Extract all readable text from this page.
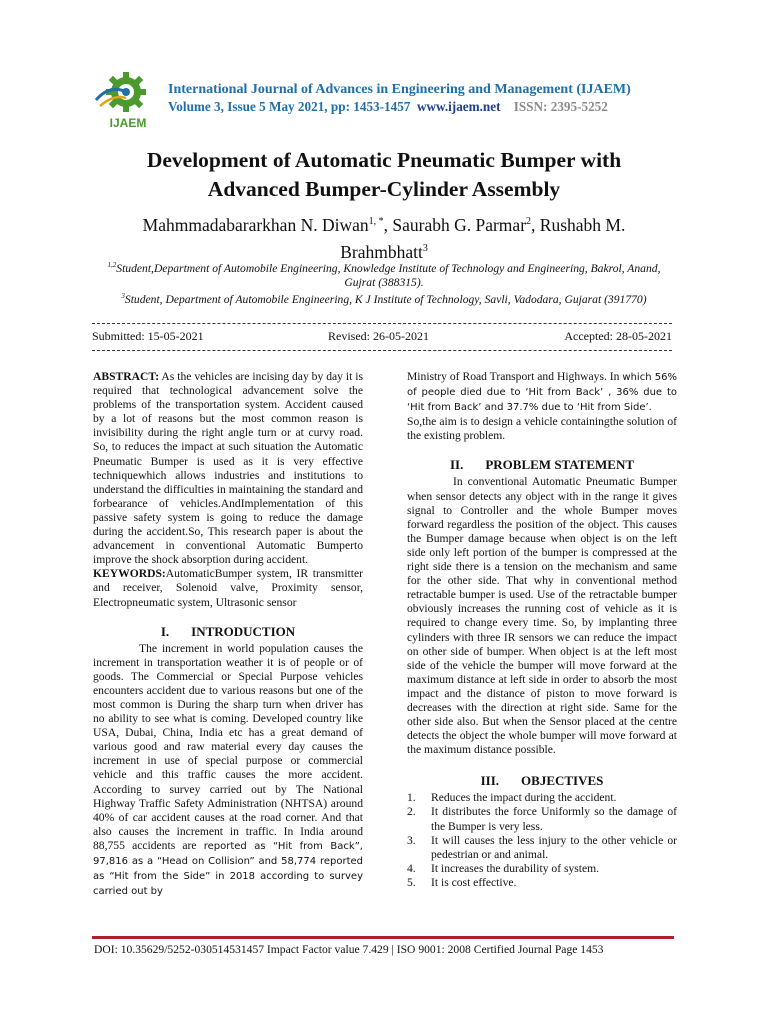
IJAEM
International Journal of Advances in Engineering and Management (IJAEM)
Volume 3, Issue 5 May 2021, pp: 1453-1457 www.ijaem.net ISSN: 2395-5252
Development of Automatic Pneumatic Bumper with
Advanced Bumper-Cylinder Assembly
Mahmmadabararkhan N. Diwan$^{1, *}$, Saurabh G. Parmar$^2$, Rushabh M.
Brahmbhatt$^3$
$^{1,2}$Student,Department of Automobile Engineering, Knowledge Institute of Technology and Engineering, Bakrol, Anand, Gujrat (388315).
$^3$Student, Department of Automobile Engineering, K J Institute of Technology, Savli, Vadodara, Gujarat (391770)
Submitted: 15-05-2021	Revised: 26-05-2021	Accepted: 28-05-2021

ABSTRACT: As the vehicles are incising day by day it is required that technological advancement solve the problems of the transportation system. Accident caused by a lot of reasons but the most common reason is invisibility during the right angle turn or at curvy road. So, to reduces the impact at such situation the Automatic Pneumatic Bumper is used as it is very effective techniquewhich allows industries and institutions to understand the difficulties in maintaining the standard and forbearance of vehicles.AndImplementation of this passive safety system is going to reduce the damage during the accident.So, This research paper is about the advancement in conventional Automatic Bumperto improve the shock absorption during accident.

KEYWORDS:AutomaticBumper system, IR transmitter and receiver, Solenoid valve, Proximity sensor, Electropneumatic system, Ultrasonic sensor

I. INTRODUCTION

The increment in world population causes the increment in transportation weather it is of people or of goods. The Commercial or Special Purpose vehicles encounters accident due to various reasons but one of the most common is During the sharp turn when driver has no ability to see what is coming. Developed country like USA, Dubai, China, India etc has a great demand of various good and raw material every day causes the increment in use of special purpose or commercial vehicle and this traffic causes the more accident. According to survey carried out by The National Highway Traffic Safety Administration (NHTSA) around 40% of car accident causes at the road corner. And that also causes the increment in traffic. In India around 88,755 accidents are reported as “Hit from Back”, 97,816 as a “Head on Collision” and 58,774 reported as “Hit from the Side” in 2018 according to survey carried out by

Ministry of Road Transport and Highways. In which 56% of people died due to ‘Hit from Back’ , 36% due to ‘Hit from Back’ and 37.7% due to ‘Hit from Side’.

So,the aim is to design a vehicle containingthe solution of the existing problem.

II. PROBLEM STATEMENT

In conventional Automatic Pneumatic Bumper when sensor detects any object with in the range it gives signal to Controller and the whole Bumper moves forward regardless the position of the object. This causes the Bumper damage because when object is on the left side only left portion of the bumper is compressed at the right side there is a tension on the mechanism and same for the other side. That why in conventional method retractable bumper is used. Use of the retractable bumper obviously increases the running cost of vehicle as it is required to change every time. So, by implanting three cylinders with three IR sensors we can reduce the impact on other side of bumper. When object is at the left most side of the vehicle the bumper will move forward at the maximum distance at left side in order to absorb the most impact and the distance of piston to move forward is decreases with the direction at right side. Same for the other side also. But when the Sensor placed at the centre detects the object the whole bumper will move forward at the maximum distance possible.

III. OBJECTIVES
1. Reduces the impact during the accident.
2. It distributes the force Uniformly so the damage of the Bumper is very less.
3. It will causes the less injury to the other vehicle or pedestrian or and animal.
4. It increases the durability of system.
5. It is cost effective.
DOI: 10.35629/5252-030514531457 Impact Factor value 7.429 | ISO 9001: 2008 Certified Journal Page 1453
